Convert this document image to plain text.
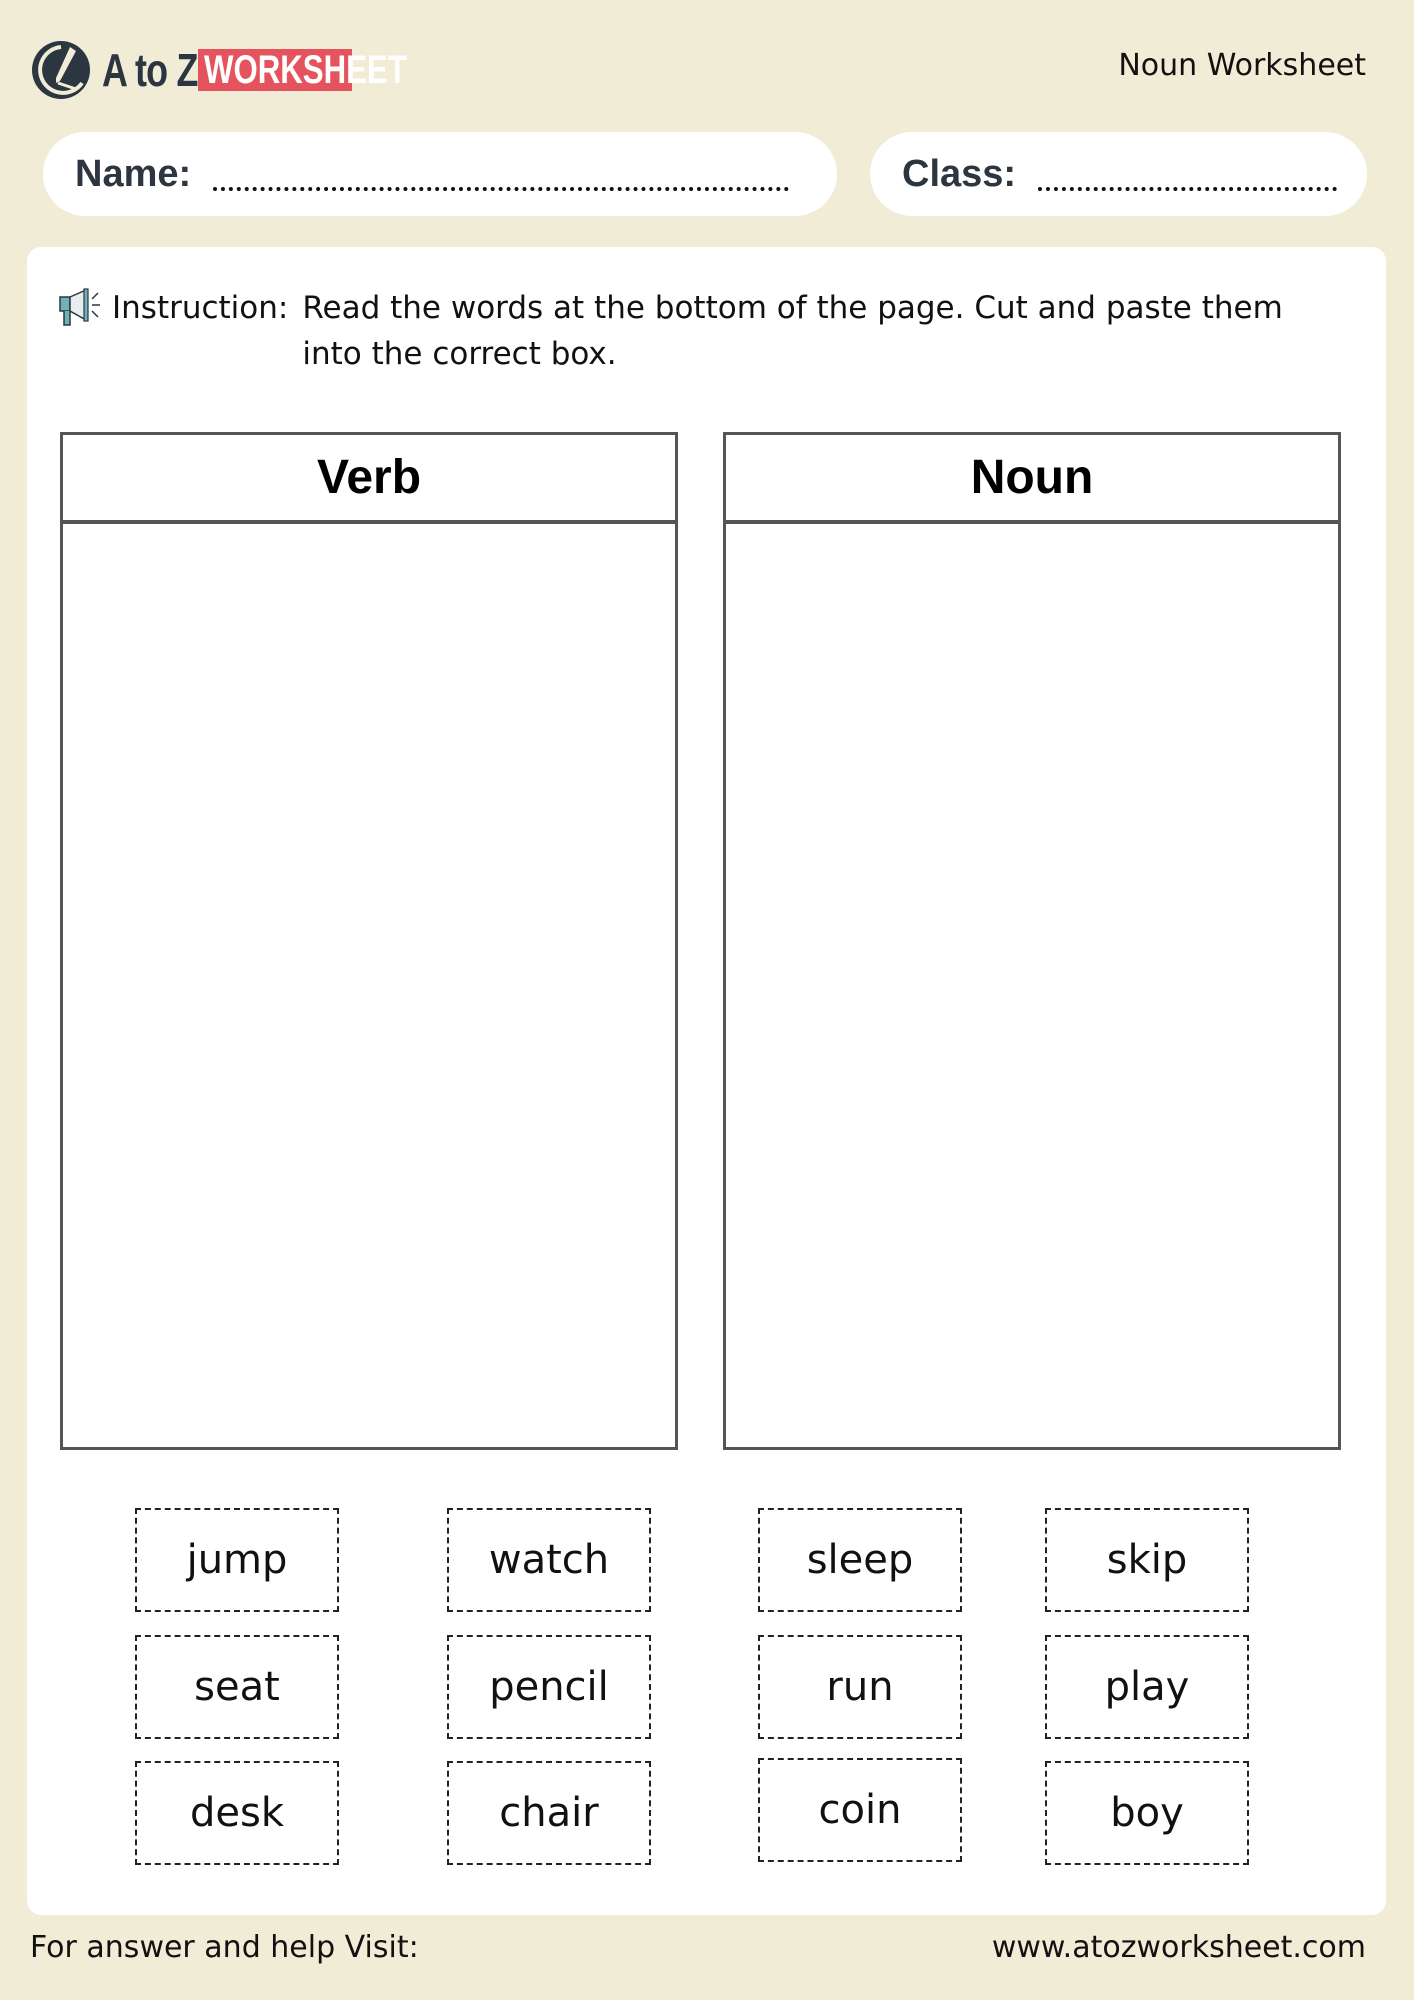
A to Z WORKSHEET	Noun Worksheet
Name:	Class:
Instruction: Read the words at the bottom of the page. Cut and paste them into the correct box.
Verb	Noun
jump	watch	sleep	skip
seat	pencil	run	play
desk	chair	coin	boy
For answer and help Visit:	www.atozworksheet.com
